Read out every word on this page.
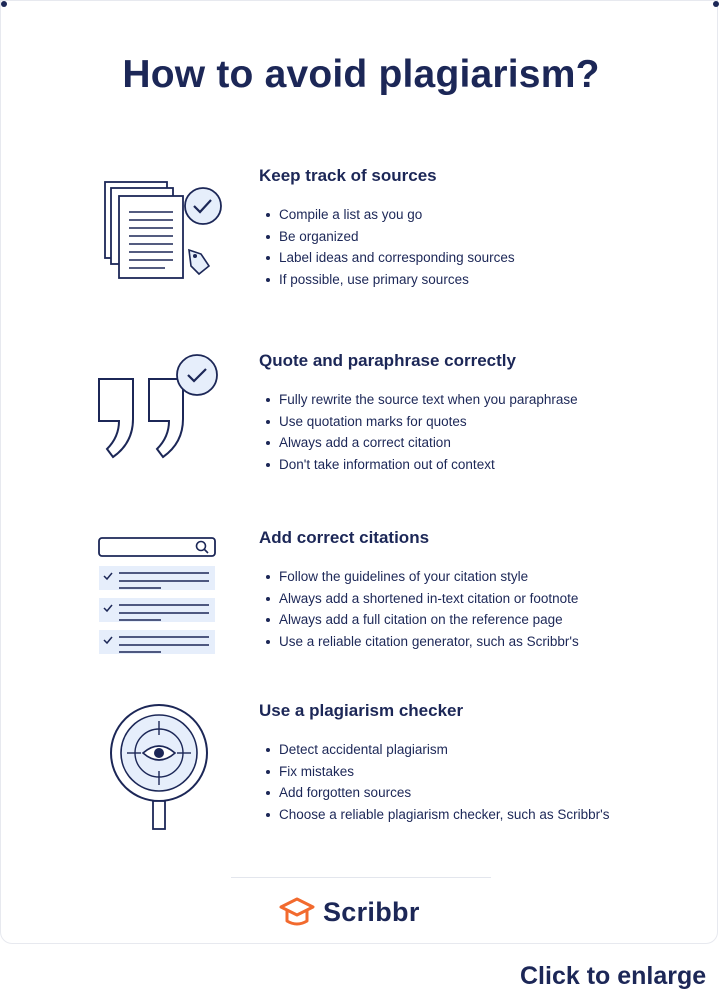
How to avoid plagiarism?
Keep track of sources
Compile a list as you go
Be organized
Label ideas and corresponding sources
If possible, use primary sources
Quote and paraphrase correctly
Fully rewrite the source text when you paraphrase
Use quotation marks for quotes
Always add a correct citation
Don't take information out of context
Add correct citations
Follow the guidelines of your citation style
Always add a shortened in-text citation or footnote
Always add a full citation on the reference page
Use a reliable citation generator, such as Scribbr's
Use a plagiarism checker
Detect accidental plagiarism
Fix mistakes
Add forgotten sources
Choose a reliable plagiarism checker, such as Scribbr's
Scribbr
Click to enlarge
